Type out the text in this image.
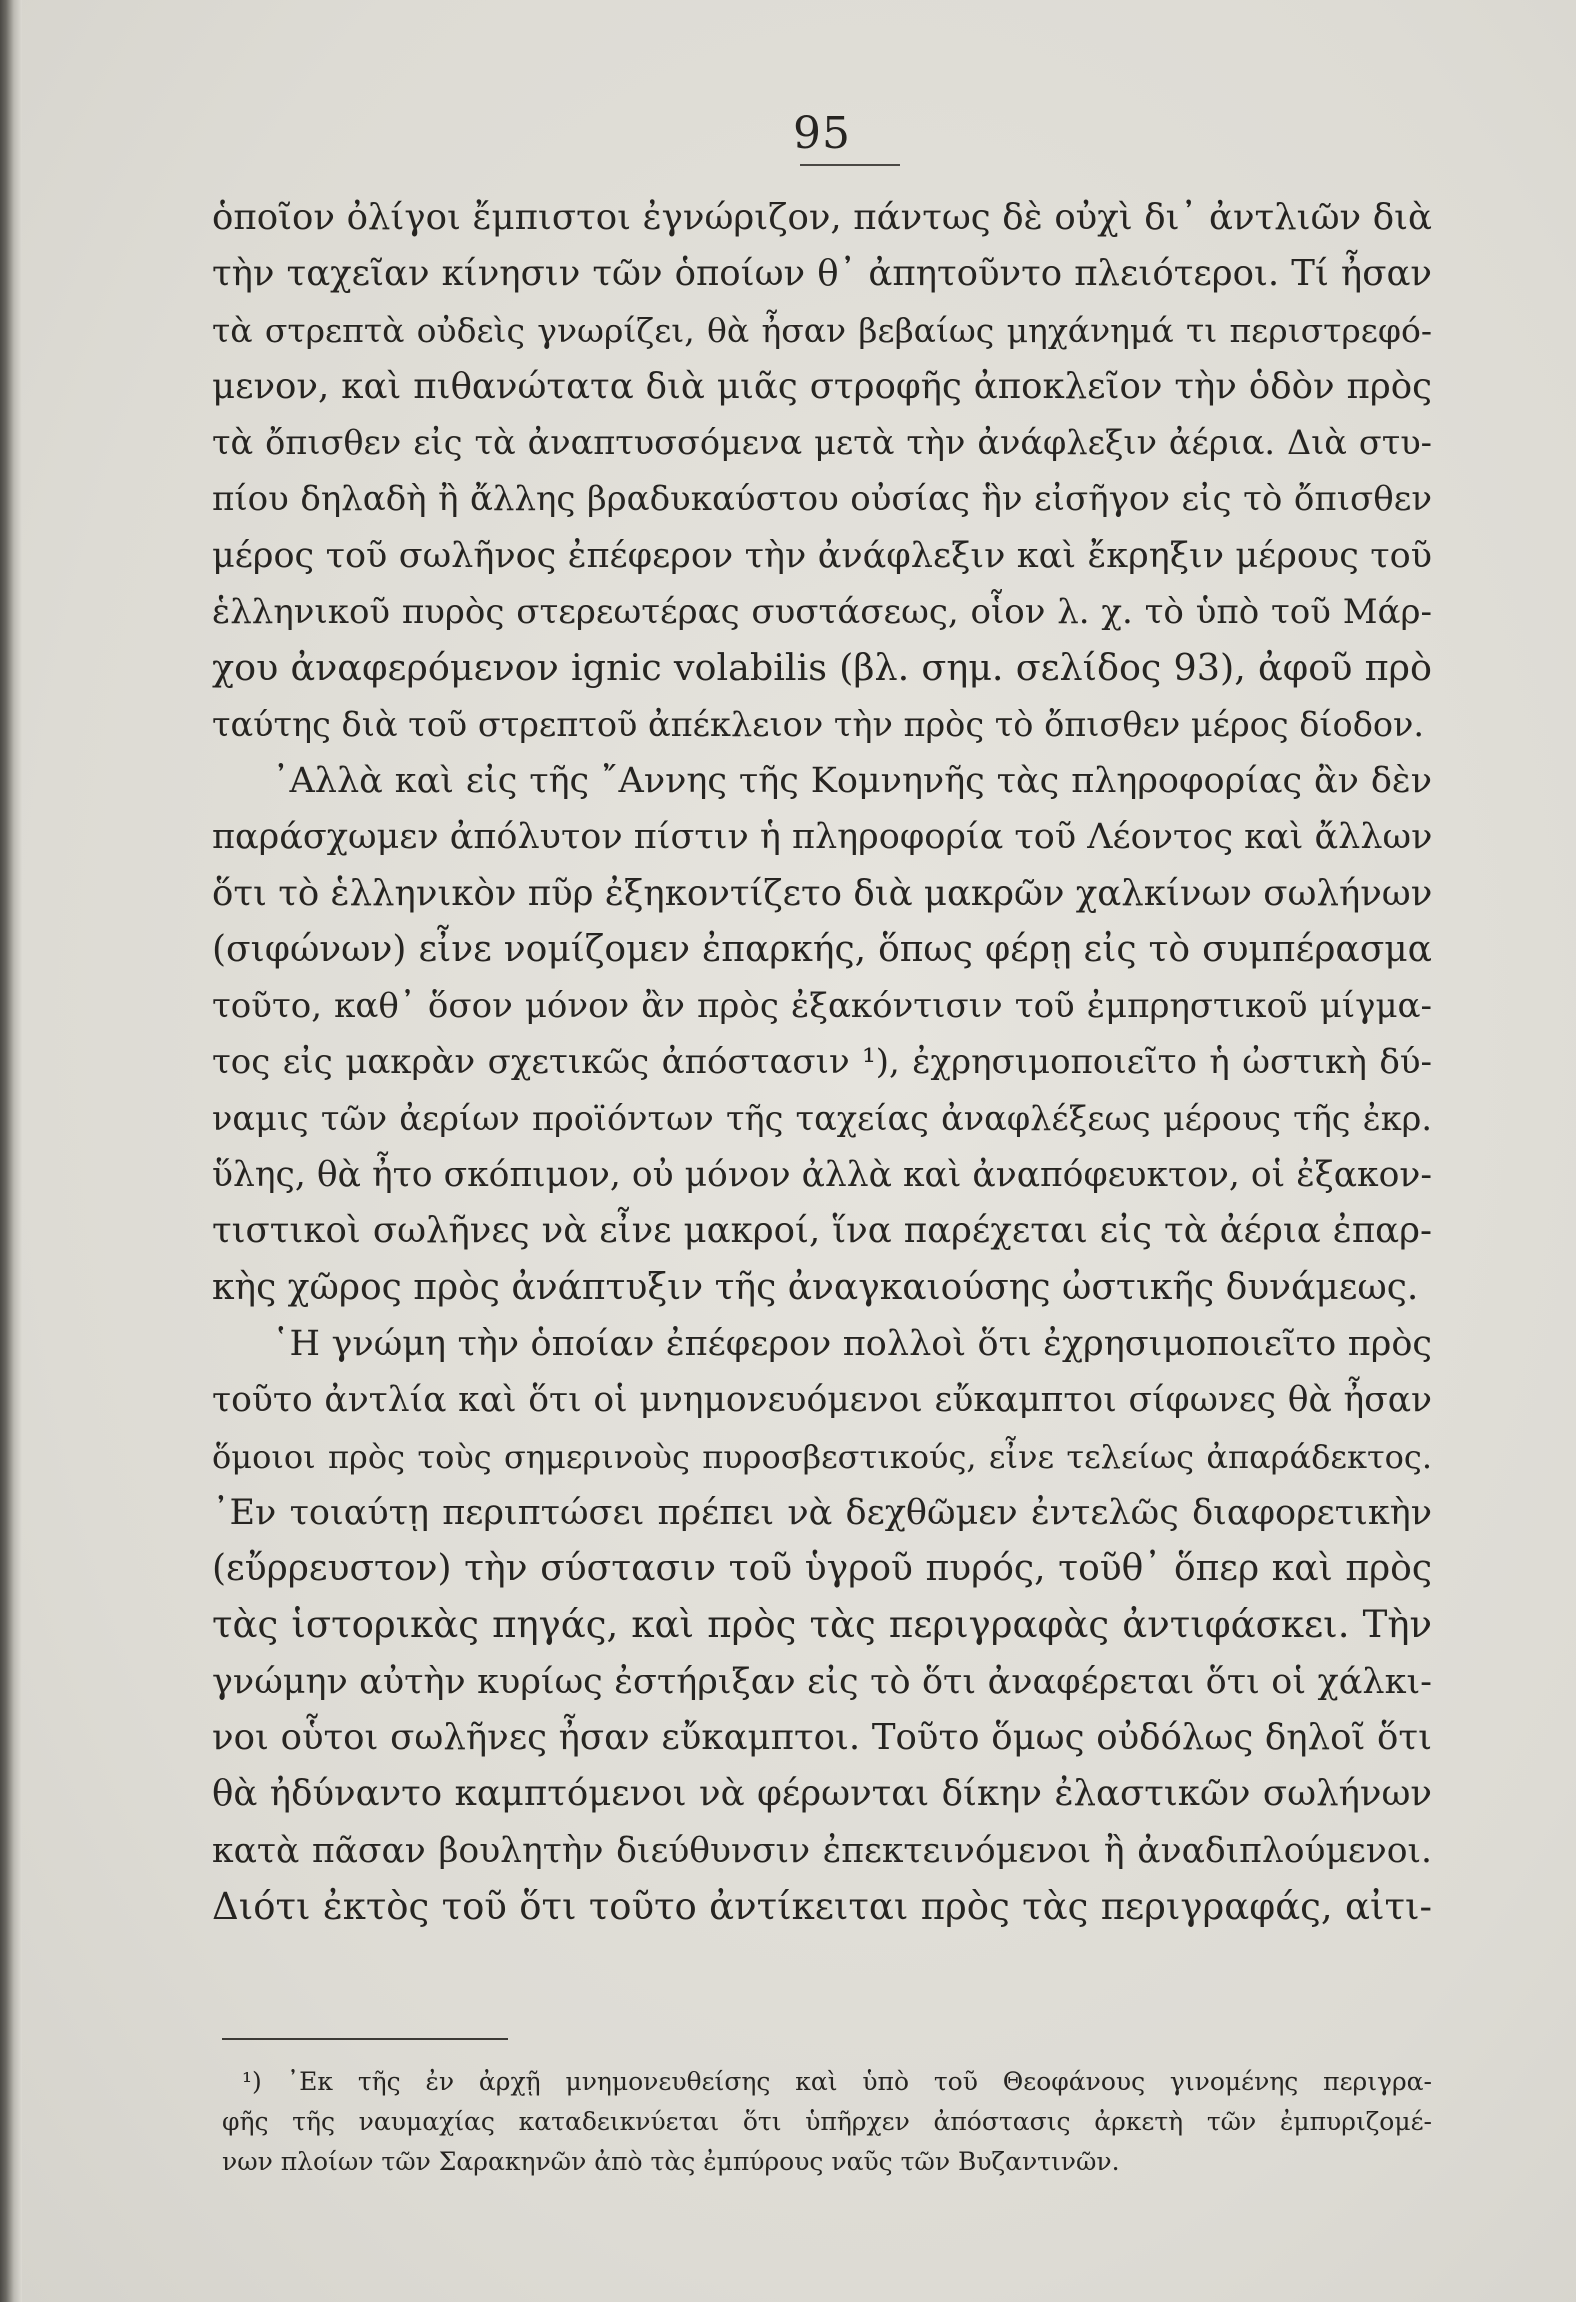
95
ὁποῖον ὀλίγοι ἔμπιστοι ἐγνώριζον, πάντως δὲ οὐχὶ δι᾽ ἀντλιῶν διὰ
τὴν ταχεῖαν κίνησιν τῶν ὁποίων θ᾽ ἀπητοῦντο πλειότεροι. Τί ἦσαν
τὰ στρεπτὰ οὐδεὶς γνωρίζει, θὰ ἦσαν βεβαίως μηχάνημά τι περιστρεφό-
μενον, καὶ πιθανώτατα διὰ μιᾶς στροφῆς ἀποκλεῖον τὴν ὁδὸν πρὸς
τὰ ὄπισθεν εἰς τὰ ἀναπτυσσόμενα μετὰ τὴν ἀνάφλεξιν ἀέρια. Διὰ στυ-
πίου δηλαδὴ ἢ ἄλλης βραδυκαύστου οὐσίας ἣν εἰσῆγον εἰς τὸ ὄπισθεν
μέρος τοῦ σωλῆνος ἐπέφερον τὴν ἀνάφλεξιν καὶ ἔκρηξιν μέρους τοῦ
ἑλληνικοῦ πυρὸς στερεωτέρας συστάσεως, οἷον λ. χ. τὸ ὑπὸ τοῦ Μάρ-
χου ἀναφερόμενον ignic volabilis (βλ. σημ. σελίδος 93), ἀφοῦ πρὸ
ταύτης διὰ τοῦ στρεπτοῦ ἀπέκλειον τὴν πρὸς τὸ ὄπισθεν μέρος δίοδον.
᾽Αλλὰ καὶ εἰς τῆς ῎Αννης τῆς Κομνηνῆς τὰς πληροφορίας ἂν δὲν
παράσχωμεν ἀπόλυτον πίστιν ἡ πληροφορία τοῦ Λέοντος καὶ ἄλλων
ὅτι τὸ ἑλληνικὸν πῦρ ἐξηκοντίζετο διὰ μακρῶν χαλκίνων σωλήνων
(σιφώνων) εἶνε νομίζομεν ἐπαρκής, ὅπως φέρῃ εἰς τὸ συμπέρασμα
τοῦτο, καθ᾽ ὅσον μόνον ἂν πρὸς ἐξακόντισιν τοῦ ἐμπρηστικοῦ μίγμα-
τος εἰς μακρὰν σχετικῶς ἀπόστασιν ¹), ἐχρησιμοποιεῖτο ἡ ὠστικὴ δύ-
ναμις τῶν ἀερίων προϊόντων τῆς ταχείας ἀναφλέξεως μέρους τῆς ἐκρ.
ὕλης, θὰ ἦτο σκόπιμον, οὐ μόνον ἀλλὰ καὶ ἀναπόφευκτον, οἱ ἐξακον-
τιστικοὶ σωλῆνες νὰ εἶνε μακροί, ἵνα παρέχεται εἰς τὰ ἀέρια ἐπαρ-
κὴς χῶρος πρὸς ἀνάπτυξιν τῆς ἀναγκαιούσης ὠστικῆς δυνάμεως.
῾Η γνώμη τὴν ὁποίαν ἐπέφερον πολλοὶ ὅτι ἐχρησιμοποιεῖτο πρὸς
τοῦτο ἀντλία καὶ ὅτι οἱ μνημονευόμενοι εὔκαμπτοι σίφωνες θὰ ἦσαν
ὅμοιοι πρὸς τοὺς σημερινοὺς πυροσβεστικούς, εἶνε τελείως ἀπαράδεκτος.
᾽Εν τοιαύτῃ περιπτώσει πρέπει νὰ δεχθῶμεν ἐντελῶς διαφορετικὴν
(εὔρρευστον) τὴν σύστασιν τοῦ ὑγροῦ πυρός, τοῦθ᾽ ὅπερ καὶ πρὸς
τὰς ἱστορικὰς πηγάς, καὶ πρὸς τὰς περιγραφὰς ἀντιφάσκει. Τὴν
γνώμην αὐτὴν κυρίως ἐστήριξαν εἰς τὸ ὅτι ἀναφέρεται ὅτι οἱ χάλκι-
νοι οὗτοι σωλῆνες ἦσαν εὔκαμπτοι. Τοῦτο ὅμως οὐδόλως δηλοῖ ὅτι
θὰ ἠδύναντο καμπτόμενοι νὰ φέρωνται δίκην ἐλαστικῶν σωλήνων
κατὰ πᾶσαν βουλητὴν διεύθυνσιν ἐπεκτεινόμενοι ἢ ἀναδιπλούμενοι.
Διότι ἐκτὸς τοῦ ὅτι τοῦτο ἀντίκειται πρὸς τὰς περιγραφάς, αἰτι-
¹) ᾽Εκ τῆς ἐν ἀρχῇ μνημονευθείσης καὶ ὑπὸ τοῦ Θεοφάνους γινομένης περιγρα-
φῆς τῆς ναυμαχίας καταδεικνύεται ὅτι ὑπῆρχεν ἀπόστασις ἀρκετὴ τῶν ἐμπυριζομέ-
νων πλοίων τῶν Σαρακηνῶν ἀπὸ τὰς ἐμπύρους ναῦς τῶν Βυζαντινῶν.
